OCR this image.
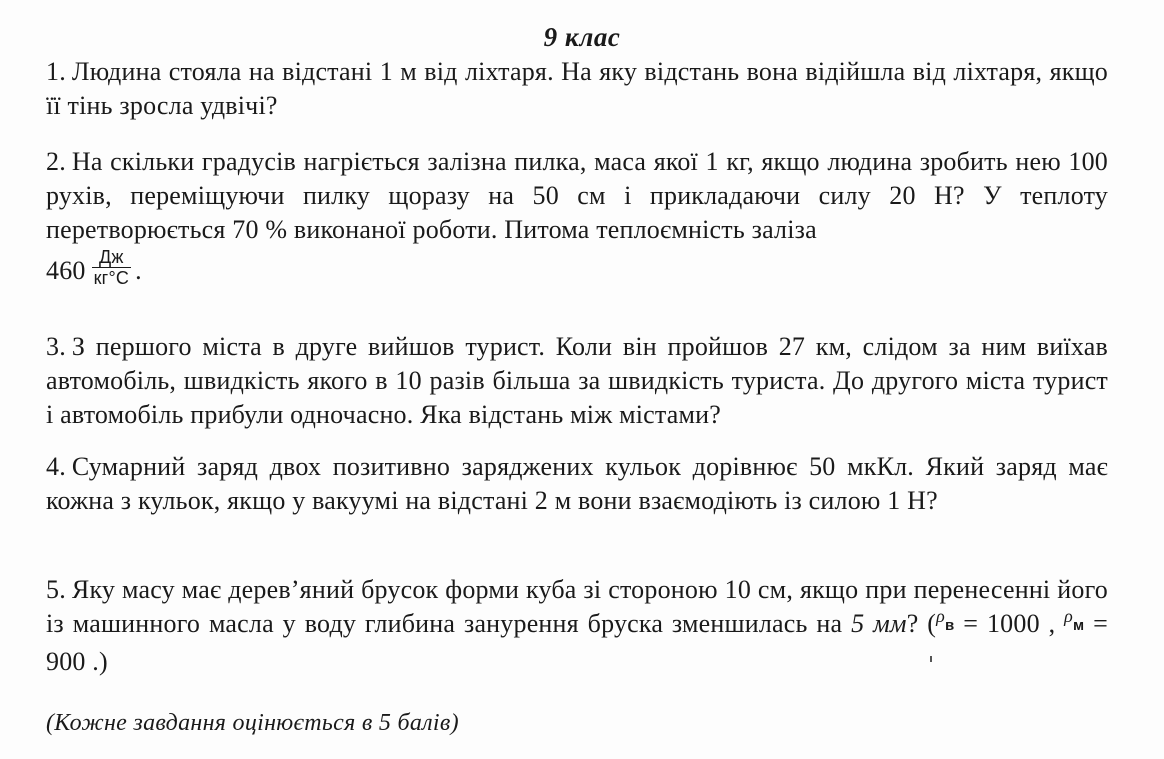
9 клас
1. Людина стояла на відстані 1 м від ліхтаря. На яку відстань вона відійшла від ліхтаря, якщо її тінь зросла удвічі?
2. На скільки градусів нагріється залізна пилка, маса якої 1 кг, якщо людина зробить нею 100 рухів, переміщуючи пилку щоразу на 50 см і прикладаючи силу 20 Н? У теплоту перетворюється 70 % виконаної роботи. Питома теплоємність заліза
$460 \frac{Дж}{кг^\circ С}$ .
3. З першого міста в друге вийшов турист. Коли він пройшов 27 км, слідом за ним виїхав автомобіль, швидкість якого в 10 разів більша за швидкість туриста. До другого міста турист і автомобіль прибули одночасно. Яка відстань між містами?
4. Сумарний заряд двох позитивно заряджених кульок дорівнює 50 мкКл. Який заряд має кожна з кульок, якщо у вакуумі на відстані 2 м вони взаємодіють із силою 1 Н?
5. Яку масу має дерев’яний брусок форми куба зі стороною 10 см, якщо при перенесенні його із машинного масла у воду глибина занурення бруска зменшилась на 5 мм? ($^\rho$в = 1000 , $^\rho$м = 900 .)
(Кожне завдання оцінюється в 5 балів)
